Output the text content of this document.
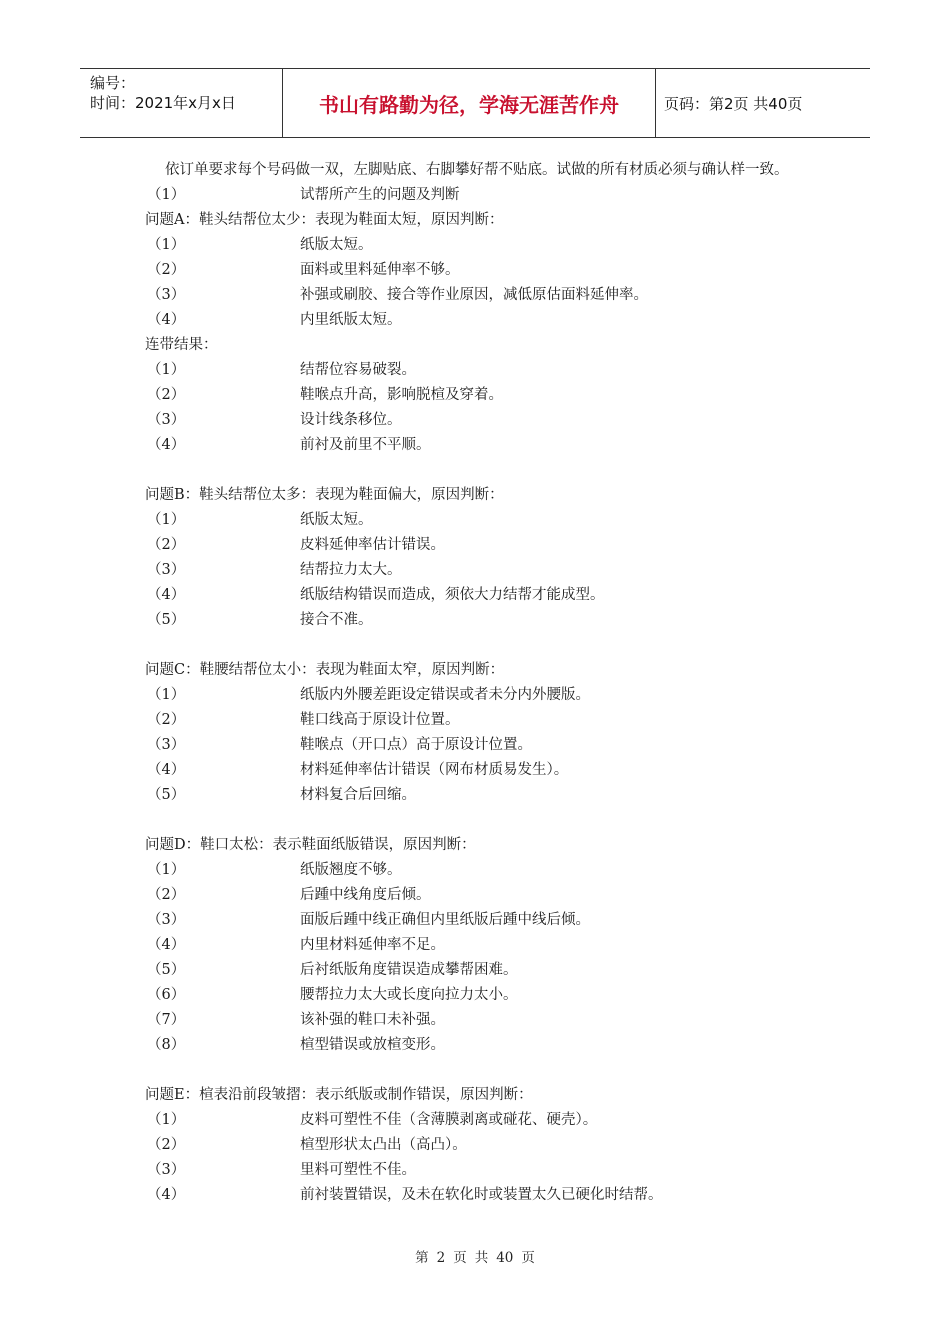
编号：
时间：2021年x月x日	书山有路勤为径，学海无涯苦作舟	页码：第2页 共40页

依订单要求每个号码做一双，左脚贴底、右脚攀好帮不贴底。试做的所有材质必须与确认样一致。

（1）	试帮所产生的问题及判断
问题A：鞋头结帮位太少：表现为鞋面太短，原因判断：
（1）	纸版太短。
（2）	面料或里料延伸率不够。
（3）	补强或刷胶、接合等作业原因，减低原估面料延伸率。
（4）	内里纸版太短。
连带结果：
（1）	结帮位容易破裂。
（2）	鞋喉点升高，影响脱楦及穿着。
（3）	设计线条移位。
（4）	前衬及前里不平顺。
问题B：鞋头结帮位太多：表现为鞋面偏大，原因判断：
（1）	纸版太短。
（2）	皮料延伸率估计错误。
（3）	结帮拉力太大。
（4）	纸版结构错误而造成，须依大力结帮才能成型。
（5）	接合不准。
问题C：鞋腰结帮位太小：表现为鞋面太窄，原因判断：
（1）	纸版内外腰差距设定错误或者未分内外腰版。
（2）	鞋口线高于原设计位置。
（3）	鞋喉点（开口点）高于原设计位置。
（4）	材料延伸率估计错误（网布材质易发生）。
（5）	材料复合后回缩。
问题D：鞋口太松：表示鞋面纸版错误，原因判断：
（1）	纸版翘度不够。
（2）	后踵中线角度后倾。
（3）	面版后踵中线正确但内里纸版后踵中线后倾。
（4）	内里材料延伸率不足。
（5）	后衬纸版角度错误造成攀帮困难。
（6）	腰帮拉力太大或长度向拉力太小。
（7）	该补强的鞋口未补强。
（8）	楦型错误或放楦变形。
问题E：楦表沿前段皱摺：表示纸版或制作错误，原因判断：
（1）	皮料可塑性不佳（含薄膜剥离或碰花、硬壳）。
（2）	楦型形状太凸出（高凸）。
（3）	里料可塑性不佳。
（4）	前衬装置错误，及未在软化时或装置太久已硬化时结帮。
第 2 页 共 40 页
